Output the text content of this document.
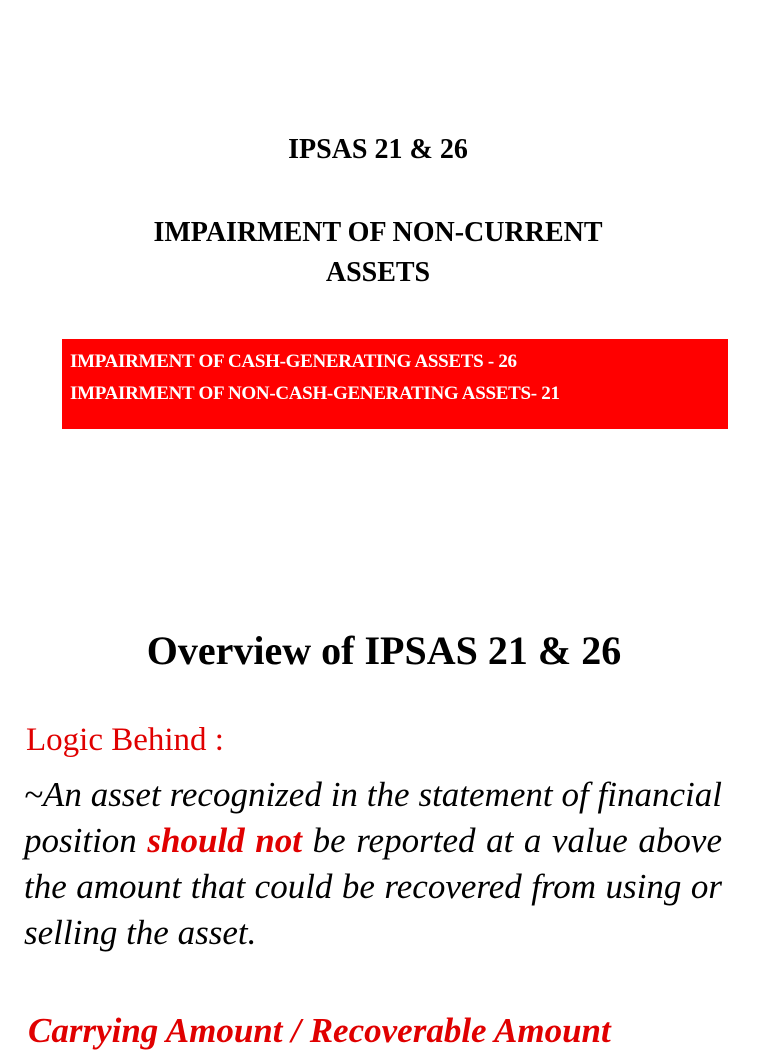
IPSAS 21 & 26
IMPAIRMENT OF NON-CURRENT
ASSETS
IMPAIRMENT OF CASH-GENERATING ASSETS - 26
IMPAIRMENT OF NON-CASH-GENERATING ASSETS- 21
Overview of IPSAS 21 & 26
Logic Behind :

~An asset recognized in the statement of financial position should not be reported at a value above the amount that could be recovered from using or selling the asset.

Carrying Amount / Recoverable Amount
